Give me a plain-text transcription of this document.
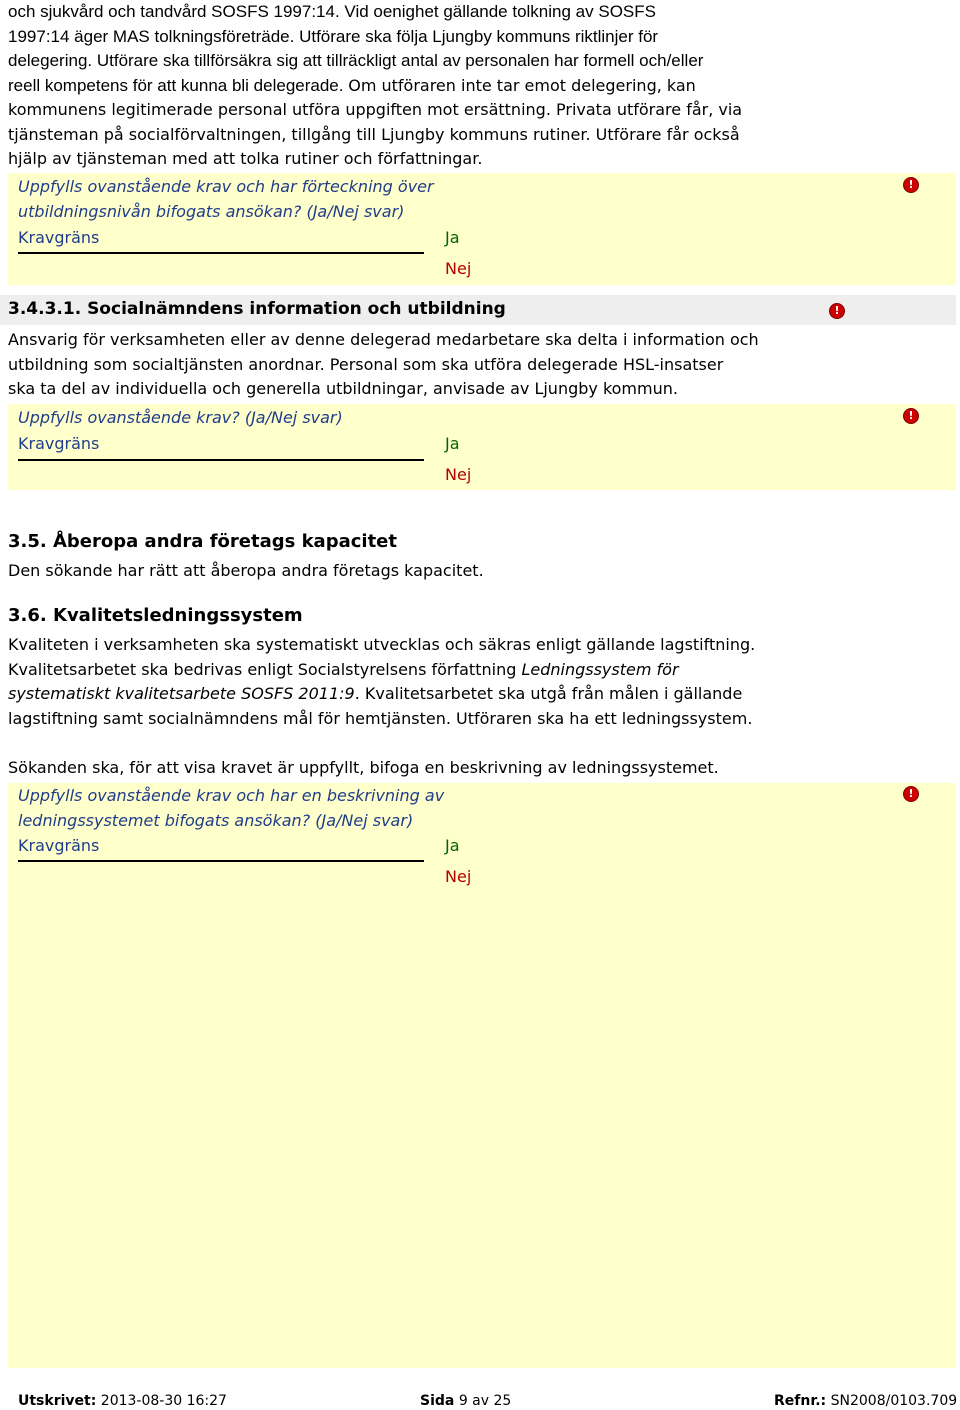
och sjukvård och tandvård SOSFS 1997:14. Vid oenighet gällande tolkning av SOSFS
1997:14 äger MAS tolkningsföreträde. Utförare ska följa Ljungby kommuns riktlinjer för
delegering. Utförare ska tillförsäkra sig att tillräckligt antal av personalen har formell och/eller
reell kompetens för att kunna bli delegerade. Om utföraren inte tar emot delegering, kan
kommunens legitimerade personal utföra uppgiften mot ersättning. Privata utförare får, via
tjänsteman på socialförvaltningen, tillgång till Ljungby kommuns rutiner. Utförare får också
hjälp av tjänsteman med att tolka rutiner och författningar.
Uppfylls ovanstående krav och har förteckning över
utbildningsnivån bifogats ansökan? (Ja/Nej svar)
Kravgräns	Ja
Nej
!
3.4.3.1. Socialnämndens information och utbildning	!
Ansvarig för verksamheten eller av denne delegerad medarbetare ska delta i information och
utbildning som socialtjänsten anordnar. Personal som ska utföra delegerade HSL-insatser
ska ta del av individuella och generella utbildningar, anvisade av Ljungby kommun.
Uppfylls ovanstående krav? (Ja/Nej svar)
Kravgräns	Ja
Nej
!
3.5. Åberopa andra företags kapacitet
Den sökande har rätt att åberopa andra företags kapacitet.
3.6. Kvalitetsledningssystem
Kvaliteten i verksamheten ska systematiskt utvecklas och säkras enligt gällande lagstiftning.
Kvalitetsarbetet ska bedrivas enligt Socialstyrelsens författning Ledningssystem för
systematiskt kvalitetsarbete SOSFS 2011:9. Kvalitetsarbetet ska utgå från målen i gällande
lagstiftning samt socialnämndens mål för hemtjänsten. Utföraren ska ha ett ledningssystem.
Sökanden ska, för att visa kravet är uppfyllt, bifoga en beskrivning av ledningssystemet.
Uppfylls ovanstående krav och har en beskrivning av
ledningssystemet bifogats ansökan? (Ja/Nej svar)
Kravgräns	Ja
Nej
!
Utskrivet: 2013-08-30 16:27	Sida 9 av 25	Refnr.: SN2008/0103.709
